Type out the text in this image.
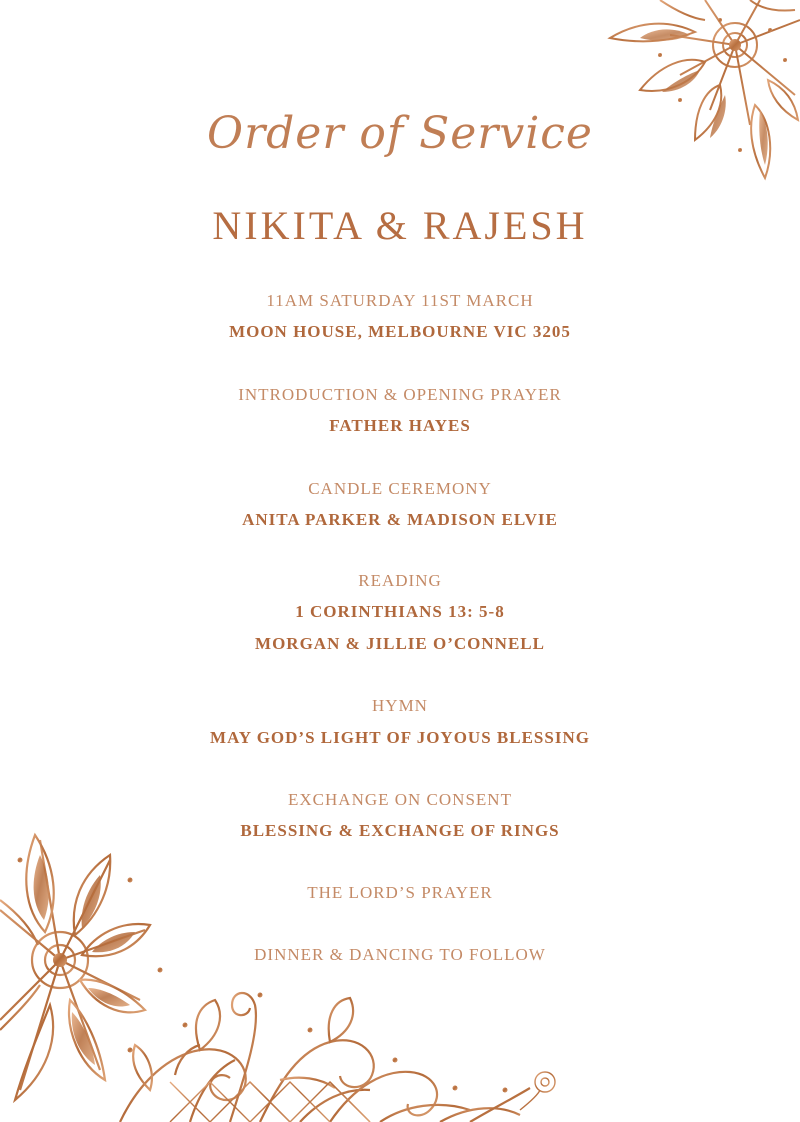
Order of Service
NIKITA & RAJESH
11AM SATURDAY 11ST MARCH
MOON HOUSE, MELBOURNE VIC 3205
INTRODUCTION & OPENING PRAYER
FATHER HAYES
CANDLE CEREMONY
ANITA PARKER & MADISON ELVIE
READING
1 CORINTHIANS 13: 5-8
MORGAN & JILLIE O’CONNELL
HYMN
MAY GOD’S LIGHT OF JOYOUS BLESSING
EXCHANGE ON CONSENT
BLESSING & EXCHANGE OF RINGS
THE LORD’S PRAYER
DINNER & DANCING TO FOLLOW
